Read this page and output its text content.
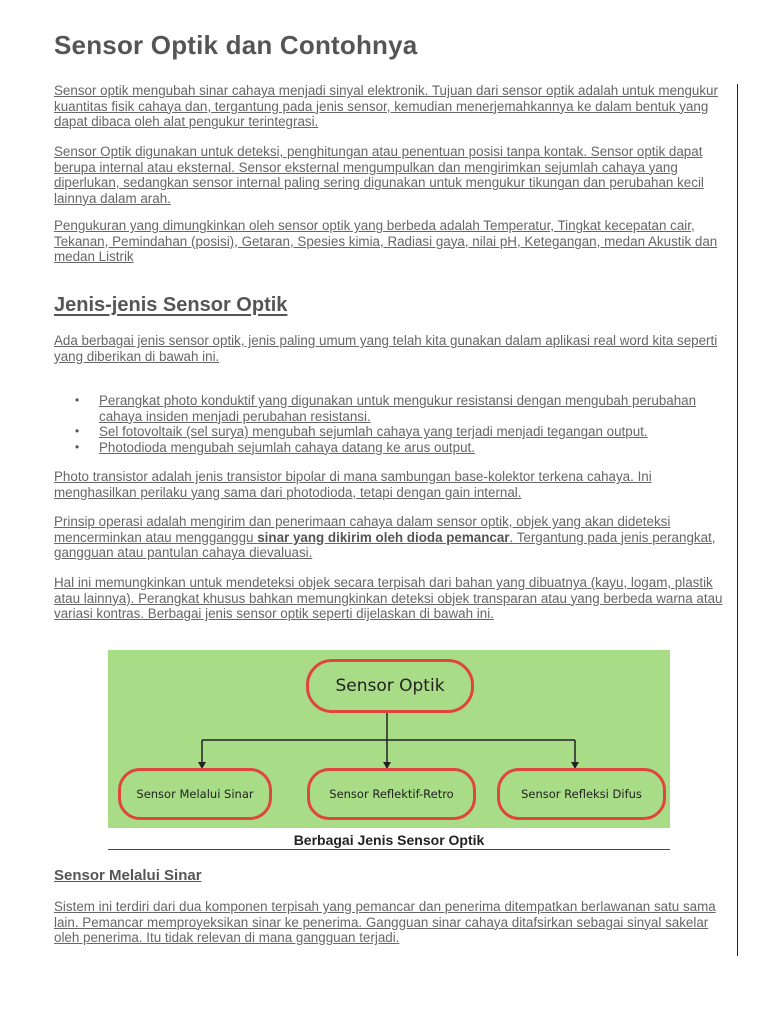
Sensor Optik dan Contohnya

Sensor optik mengubah sinar cahaya menjadi sinyal elektronik. Tujuan dari sensor optik adalah untuk mengukur kuantitas fisik cahaya dan, tergantung pada jenis sensor, kemudian menerjemahkannya ke dalam bentuk yang dapat dibaca oleh alat pengukur terintegrasi.

Sensor Optik digunakan untuk deteksi, penghitungan atau penentuan posisi tanpa kontak. Sensor optik dapat berupa internal atau eksternal. Sensor eksternal mengumpulkan dan mengirimkan sejumlah cahaya yang diperlukan, sedangkan sensor internal paling sering digunakan untuk mengukur tikungan dan perubahan kecil lainnya dalam arah.

Pengukuran yang dimungkinkan oleh sensor optik yang berbeda adalah Temperatur, Tingkat kecepatan cair, Tekanan, Pemindahan (posisi), Getaran, Spesies kimia, Radiasi gaya, nilai pH, Ketegangan, medan Akustik dan medan Listrik

Jenis-jenis Sensor Optik

Ada berbagai jenis sensor optik, jenis paling umum yang telah kita gunakan dalam aplikasi real word kita seperti yang diberikan di bawah ini.

• Perangkat photo konduktif yang digunakan untuk mengukur resistansi dengan mengubah perubahan cahaya insiden menjadi perubahan resistansi.
• Sel fotovoltaik (sel surya) mengubah sejumlah cahaya yang terjadi menjadi tegangan output.
• Photodioda mengubah sejumlah cahaya datang ke arus output.

Photo transistor adalah jenis transistor bipolar di mana sambungan base-kolektor terkena cahaya. Ini menghasilkan perilaku yang sama dari photodioda, tetapi dengan gain internal.

Prinsip operasi adalah mengirim dan penerimaan cahaya dalam sensor optik, objek yang akan dideteksi mencerminkan atau mengganggu sinar yang dikirim oleh dioda pemancar. Tergantung pada jenis perangkat, gangguan atau pantulan cahaya dievaluasi.

Hal ini memungkinkan untuk mendeteksi objek secara terpisah dari bahan yang dibuatnya (kayu, logam, plastik atau lainnya). Perangkat khusus bahkan memungkinkan deteksi objek transparan atau yang berbeda warna atau variasi kontras. Berbagai jenis sensor optik seperti dijelaskan di bawah ini.

Sensor Optik
Sensor Melalui Sinar	Sensor Reflektif-Retro	Sensor Refleksi Difus
Berbagai Jenis Sensor Optik
Sensor Melalui Sinar

Sistem ini terdiri dari dua komponen terpisah yang pemancar dan penerima ditempatkan berlawanan satu sama lain. Pemancar memproyeksikan sinar ke penerima. Gangguan sinar cahaya ditafsirkan sebagai sinyal sakelar oleh penerima. Itu tidak relevan di mana gangguan terjadi.
